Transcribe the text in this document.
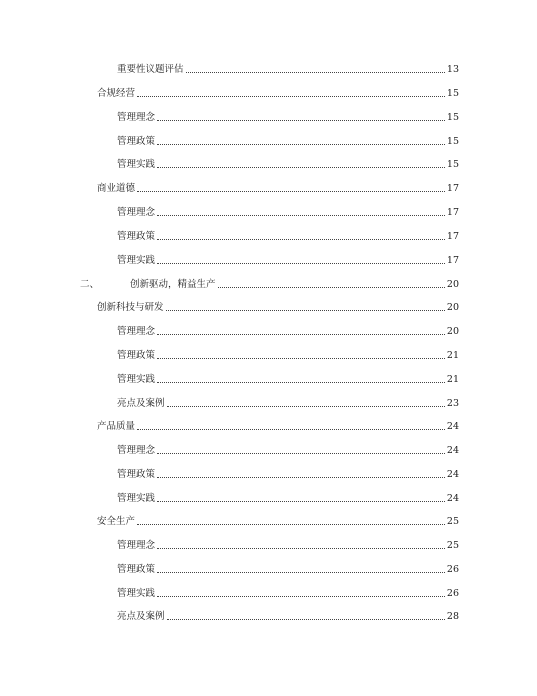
重要性议题评估	13
合规经营	15
管理理念	15
管理政策	15
管理实践	15
商业道德	17
管理理念	17
管理政策	17
管理实践	17
二、	创新驱动，精益生产	20
创新科技与研发	20
管理理念	20
管理政策	21
管理实践	21
亮点及案例	23
产品质量	24
管理理念	24
管理政策	24
管理实践	24
安全生产	25
管理理念	25
管理政策	26
管理实践	26
亮点及案例	28
